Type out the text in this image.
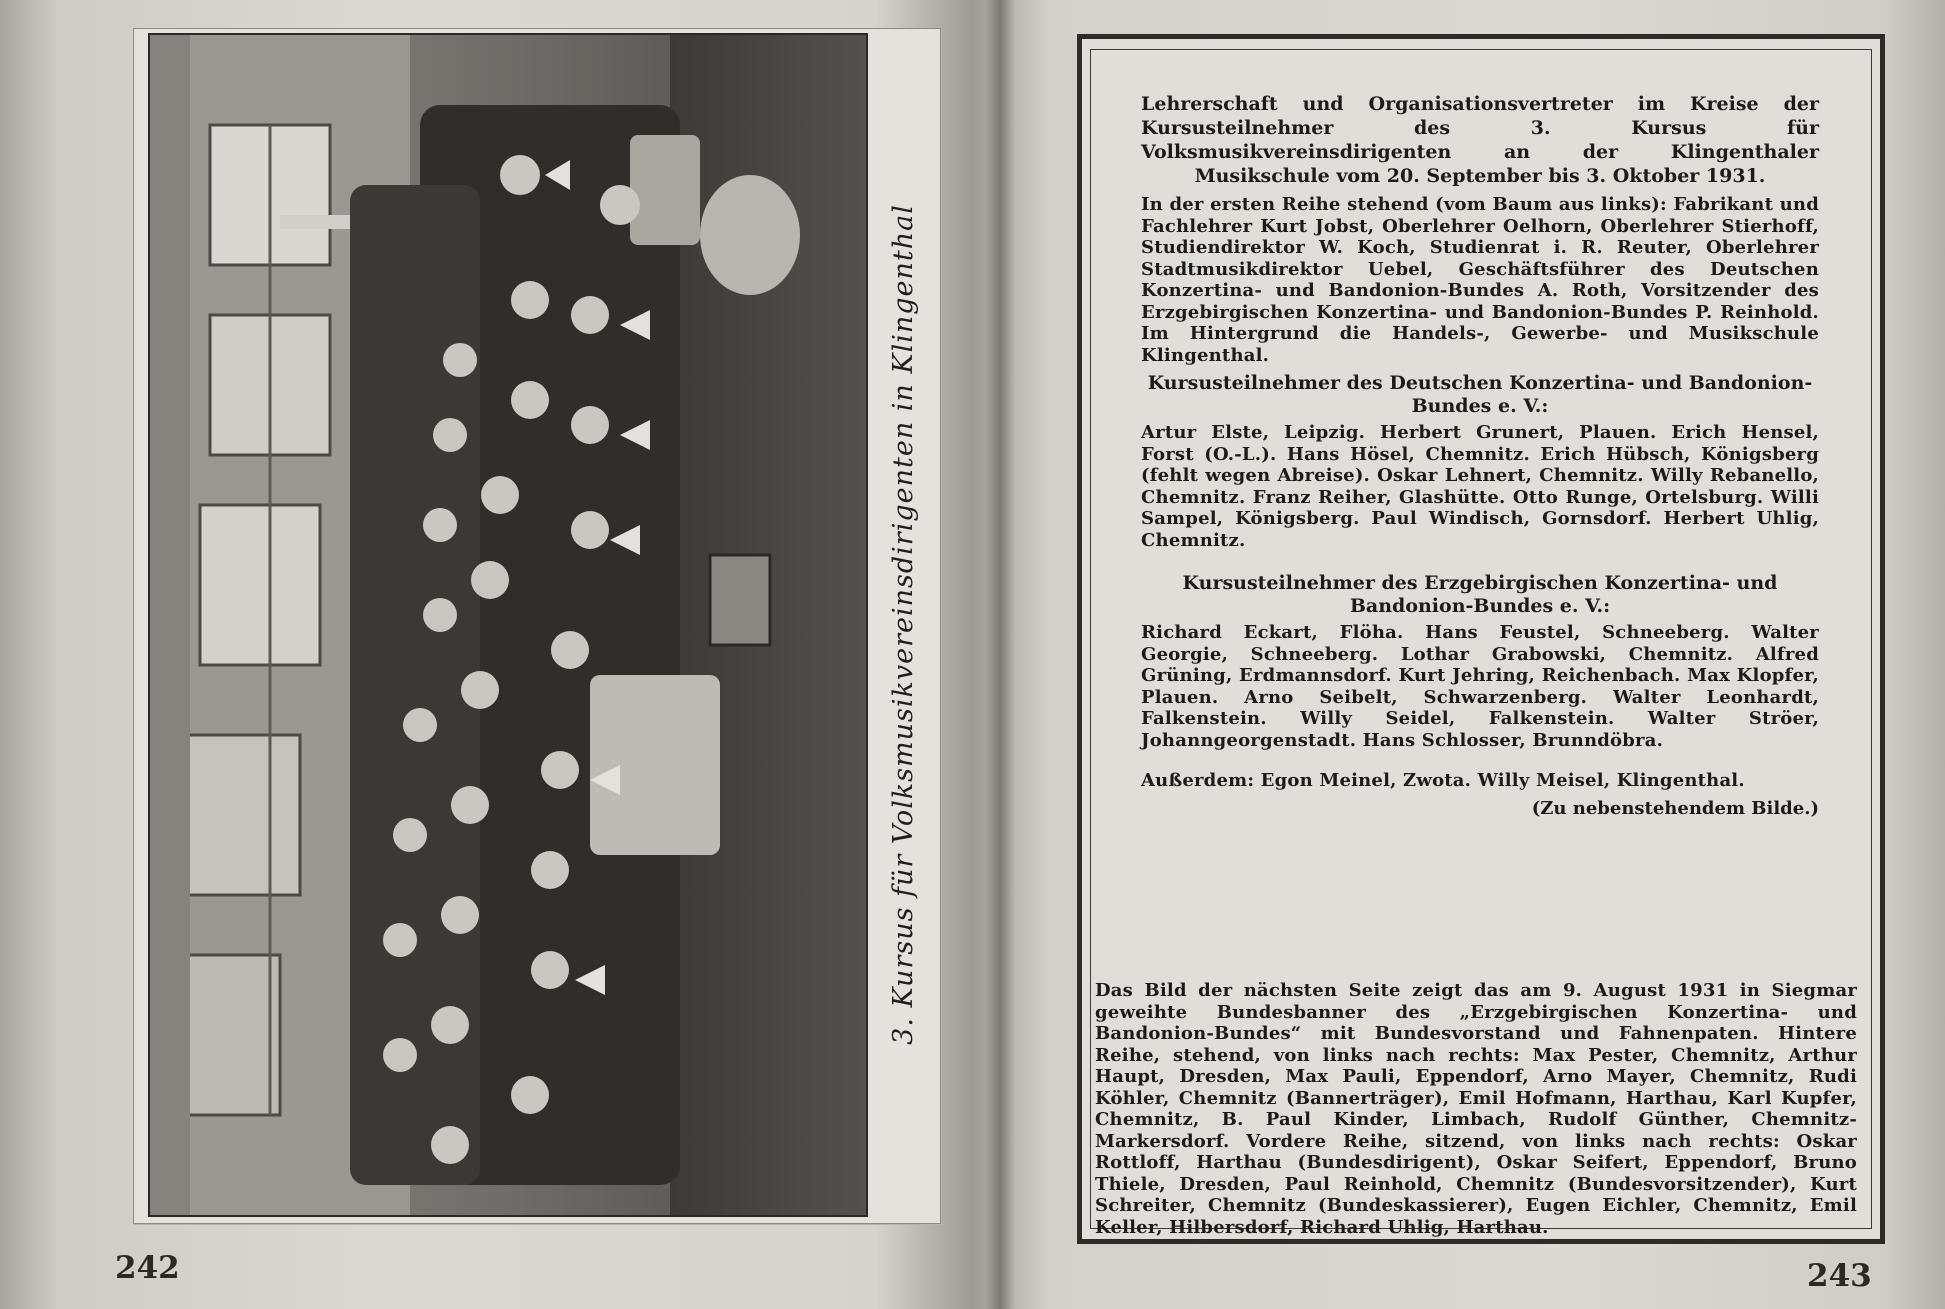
3. Kursus für Volksmusikvereinsdirigenten in Klingenthal
242

Lehrerschaft und Organisationsvertreter im Kreise der Kursusteilnehmer des 3. Kursus für Volksmusikvereinsdirigenten an der Klingenthaler Musikschule vom 20. September bis 3. Oktober 1931.

In der ersten Reihe stehend (vom Baum aus links): Fabrikant und Fachlehrer Kurt Jobst, Oberlehrer Oelhorn, Oberlehrer Stierhoff, Studiendirektor W. Koch, Studienrat i. R. Reuter, Oberlehrer Stadtmusikdirektor Uebel, Geschäftsführer des Deutschen Konzertina- und Bandonion-Bundes A. Roth, Vorsitzender des Erzgebirgischen Konzertina- und Bandonion-Bundes P. Reinhold. Im Hintergrund die Handels-, Gewerbe- und Musikschule Klingenthal.

Kursusteilnehmer des Deutschen Konzertina- und Bandonion-Bundes e. V.:

Artur Elste, Leipzig. Herbert Grunert, Plauen. Erich Hensel, Forst (O.-L.). Hans Hösel, Chemnitz. Erich Hübsch, Königsberg (fehlt wegen Abreise). Oskar Lehnert, Chemnitz. Willy Rebanello, Chemnitz. Franz Reiher, Glashütte. Otto Runge, Ortelsburg. Willi Sampel, Königsberg. Paul Windisch, Gornsdorf. Herbert Uhlig, Chemnitz.

Kursusteilnehmer des Erzgebirgischen Konzertina- und Bandonion-Bundes e. V.:

Richard Eckart, Flöha. Hans Feustel, Schneeberg. Walter Georgie, Schneeberg. Lothar Grabowski, Chemnitz. Alfred Grüning, Erdmannsdorf. Kurt Jehring, Reichenbach. Max Klopfer, Plauen. Arno Seibelt, Schwarzenberg. Walter Leonhardt, Falkenstein. Willy Seidel, Falkenstein. Walter Ströer, Johanngeorgenstadt. Hans Schlosser, Brunndöbra.

Außerdem: Egon Meinel, Zwota. Willy Meisel, Klingenthal.

(Zu nebenstehendem Bilde.)

Das Bild der nächsten Seite zeigt das am 9. August 1931 in Siegmar geweihte Bundesbanner des „Erzgebirgischen Konzertina- und Bandonion-Bundes“ mit Bundesvorstand und Fahnenpaten. Hintere Reihe, stehend, von links nach rechts: Max Pester, Chemnitz, Arthur Haupt, Dresden, Max Pauli, Eppendorf, Arno Mayer, Chemnitz, Rudi Köhler, Chemnitz (Bannerträger), Emil Hofmann, Harthau, Karl Kupfer, Chemnitz, B. Paul Kinder, Limbach, Rudolf Günther, Chemnitz-Markersdorf. Vordere Reihe, sitzend, von links nach rechts: Oskar Rottloff, Harthau (Bundesdirigent), Oskar Seifert, Eppendorf, Bruno Thiele, Dresden, Paul Reinhold, Chemnitz (Bundesvorsitzender), Kurt Schreiter, Chemnitz (Bundeskassierer), Eugen Eichler, Chemnitz, Emil Keller, Hilbersdorf, Richard Uhlig, Harthau.

243
